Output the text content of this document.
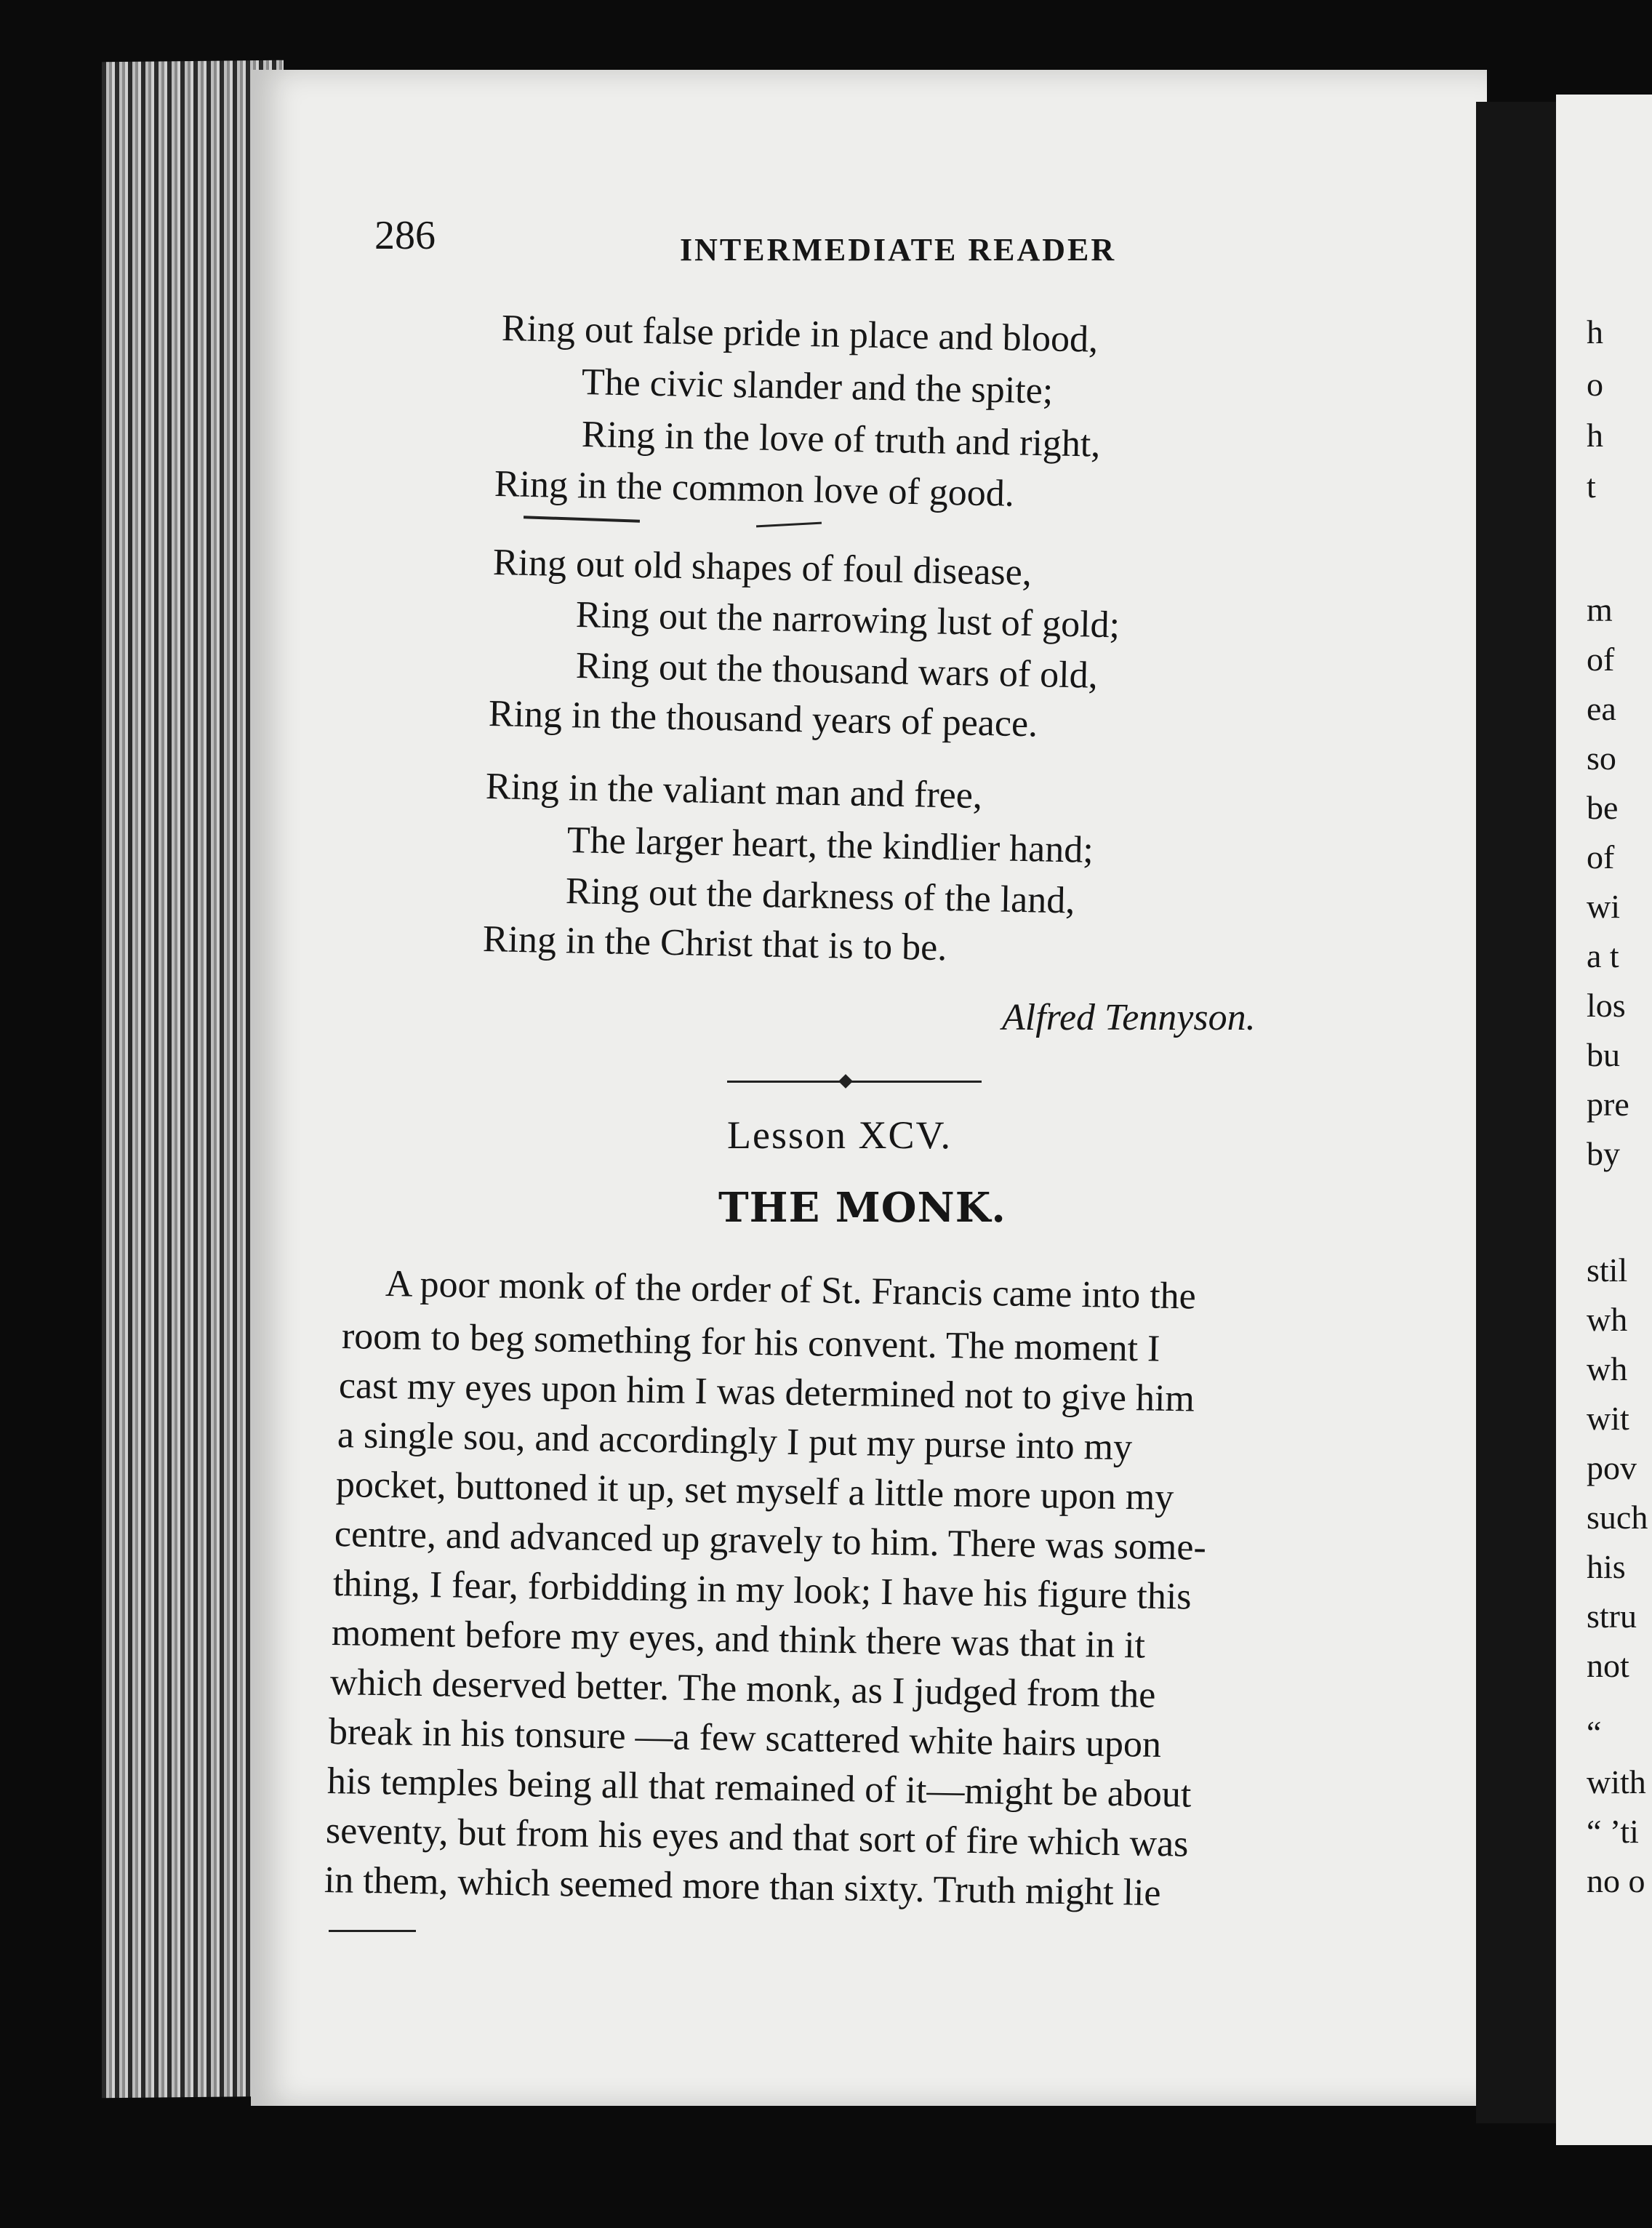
h
o
h
t
m
of
ea
so
be
of
wi
a t
los
bu
pre
by
stil
wh
wh
wit
pov
such
his
stru
not
“
with
“ ’ti
no o
286	INTERMEDIATE READER
Ring out false pride in place and blood,
The civic slander and the spite;
Ring in the love of truth and right,
Ring in the common love of good.
Ring out old shapes of foul disease,
Ring out the narrowing lust of gold;
Ring out the thousand wars of old,
Ring in the thousand years of peace.
Ring in the valiant man and free,
The larger heart, the kindlier hand;
Ring out the darkness of the land,
Ring in the Christ that is to be.
Alfred Tennyson.
Lesson XCV.
THE MONK.
A poor monk of the order of St. Francis came into the
room to beg something for his convent. The moment I
cast my eyes upon him I was determined not to give him
a single sou, and accordingly I put my purse into my
pocket, buttoned it up, set myself a little more upon my
centre, and advanced up gravely to him. There was some-
thing, I fear, forbidding in my look; I have his figure this
moment before my eyes, and think there was that in it
which deserved better. The monk, as I judged from the
break in his tonsure —a few scattered white hairs upon
his temples being all that remained of it—might be about
seventy, but from his eyes and that sort of fire which was
in them, which seemed more than sixty. Truth might lie
